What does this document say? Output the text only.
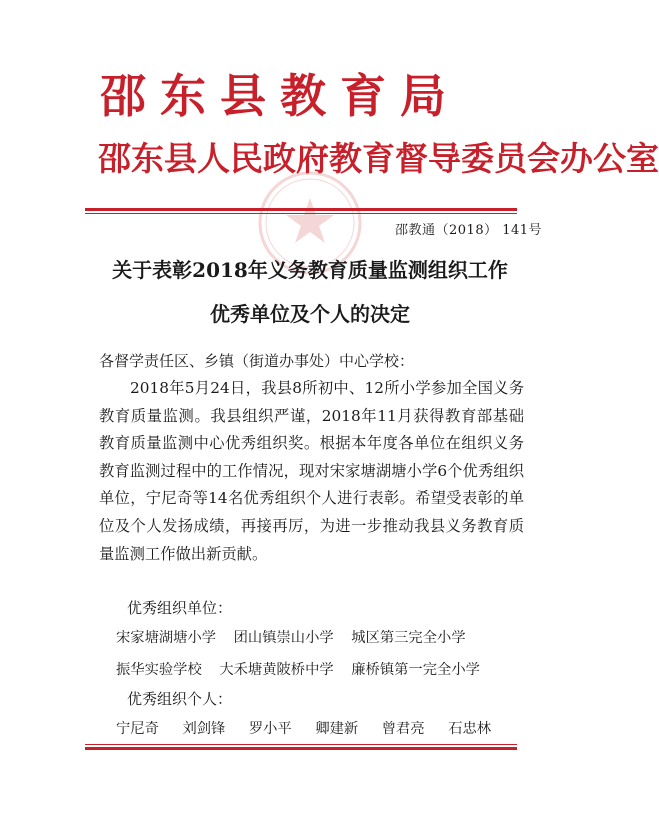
邵东县教育局
邵东县人民政府教育督导委员会办公室
邵教通（2018） 141号
关于表彰2018年义务教育质量监测组织工作
优秀单位及个人的决定
各督学责任区、乡镇（街道办事处）中心学校：
2018年5月24日，我县8所初中、12所小学参加全国义务教育质量监测。我县组织严谨，2018年11月获得教育部基础教育质量监测中心优秀组织奖。根据本年度各单位在组织义务教育监测过程中的工作情况，现对宋家塘湖塘小学6个优秀组织单位，宁尼奇等14名优秀组织个人进行表彰。希望受表彰的单位及个人发扬成绩，再接再厉，为进一步推动我县义务教育质量监测工作做出新贡献。
优秀组织单位：
宋家塘湖塘小学 团山镇崇山小学 城区第三完全小学
振华实验学校 大禾塘黄陂桥中学 廉桥镇第一完全小学
优秀组织个人：
宁尼奇 刘剑锋 罗小平 卿建新 曾君亮 石忠林
